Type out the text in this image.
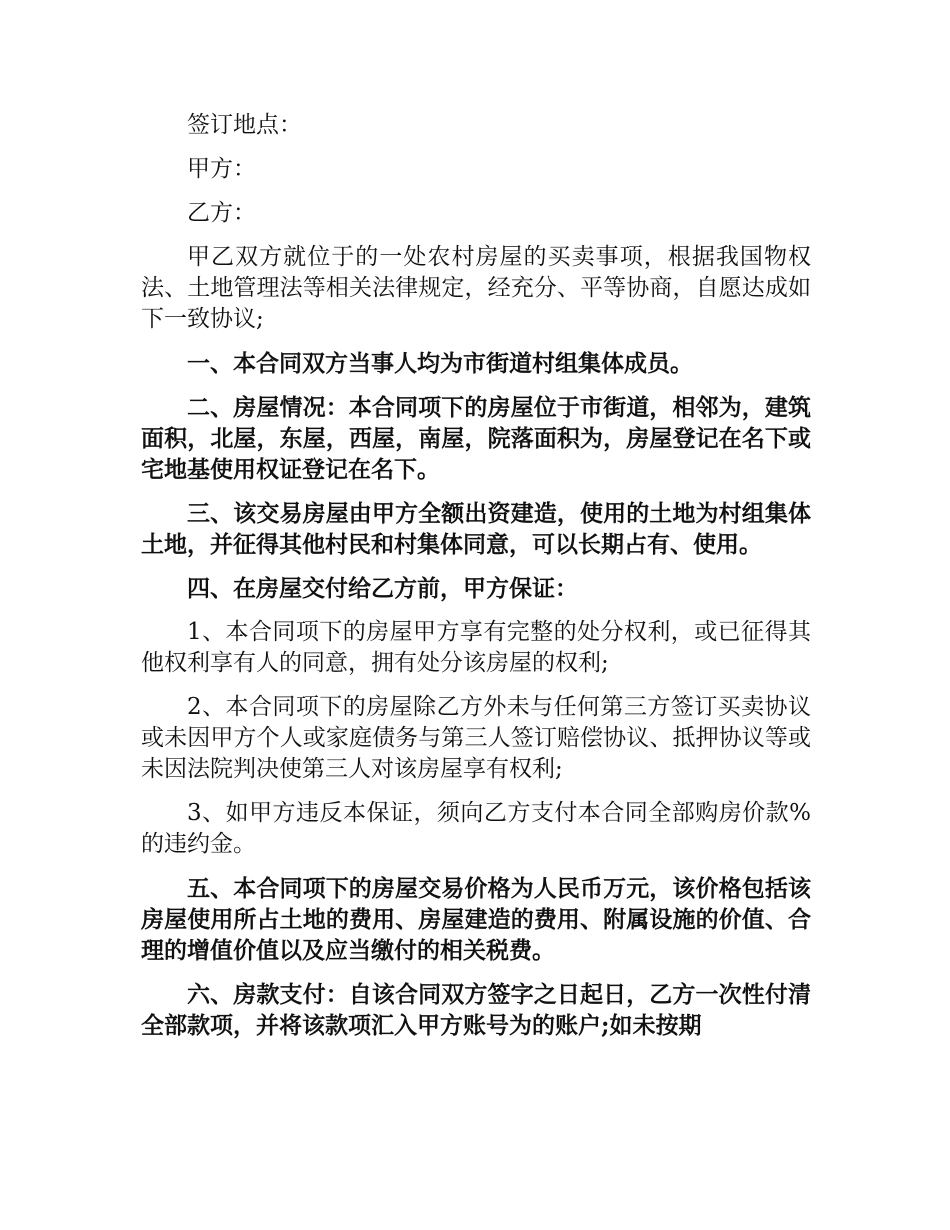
签订地点：

甲方：

乙方：

甲乙双方就位于的一处农村房屋的买卖事项，根据我国物权法、土地管理法等相关法律规定，经充分、平等协商，自愿达成如下一致协议;

一、本合同双方当事人均为市街道村组集体成员。

二、房屋情况：本合同项下的房屋位于市街道，相邻为，建筑面积，北屋，东屋，西屋，南屋，院落面积为，房屋登记在名下或宅地基使用权证登记在名下。

三、该交易房屋由甲方全额出资建造，使用的土地为村组集体土地，并征得其他村民和村集体同意，可以长期占有、使用。

四、在房屋交付给乙方前，甲方保证：

1、本合同项下的房屋甲方享有完整的处分权利，或已征得其他权利享有人的同意，拥有处分该房屋的权利;

2、本合同项下的房屋除乙方外未与任何第三方签订买卖协议或未因甲方个人或家庭债务与第三人签订赔偿协议、抵押协议等或未因法院判决使第三人对该房屋享有权利;

3、如甲方违反本保证，须向乙方支付本合同全部购房价款%的违约金。

五、本合同项下的房屋交易价格为人民币万元，该价格包括该房屋使用所占土地的费用、房屋建造的费用、附属设施的价值、合理的增值价值以及应当缴付的相关税费。

六、房款支付：自该合同双方签字之日起日，乙方一次性付清全部款项，并将该款项汇入甲方账号为的账户;如未按期
